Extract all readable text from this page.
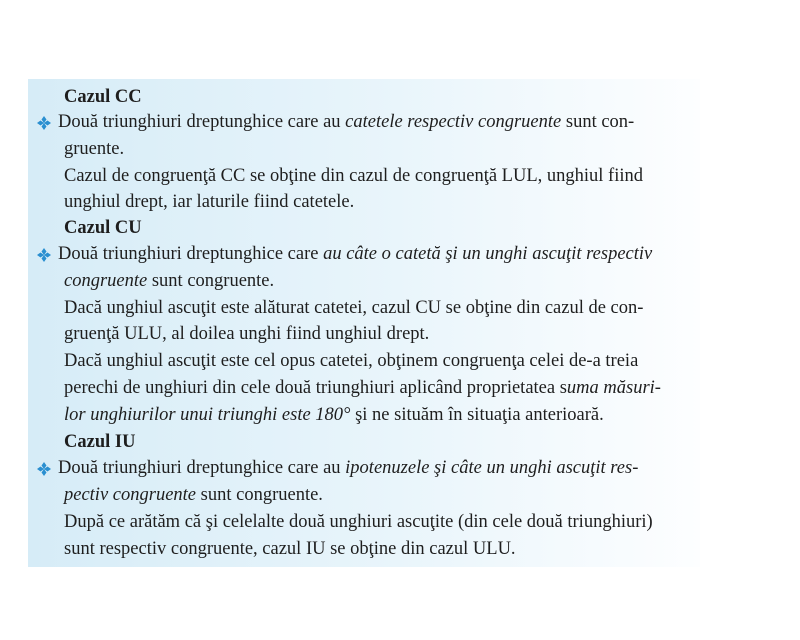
Cazul CC
Două triunghiuri dreptunghice care au catetele respectiv congruente sunt con-
gruente.
Cazul de congruenţă CC se obţine din cazul de congruenţă LUL, unghiul fiind
unghiul drept, iar laturile fiind catetele.
Cazul CU
Două triunghiuri dreptunghice care au câte o catetă şi un unghi ascuţit respectiv
congruente sunt congruente.
Dacă unghiul ascuţit este alăturat catetei, cazul CU se obţine din cazul de con-
gruenţă ULU, al doilea unghi fiind unghiul drept.
Dacă unghiul ascuţit este cel opus catetei, obţinem congruenţa celei de-a treia
perechi de unghiuri din cele două triunghiuri aplicând proprietatea suma măsuri-
lor unghiurilor unui triunghi este 180° şi ne situăm în situaţia anterioară.
Cazul IU
Două triunghiuri dreptunghice care au ipotenuzele şi câte un unghi ascuţit res-
pectiv congruente sunt congruente.
După ce arătăm că şi celelalte două unghiuri ascuţite (din cele două triunghiuri)
sunt respectiv congruente, cazul IU se obţine din cazul ULU.
